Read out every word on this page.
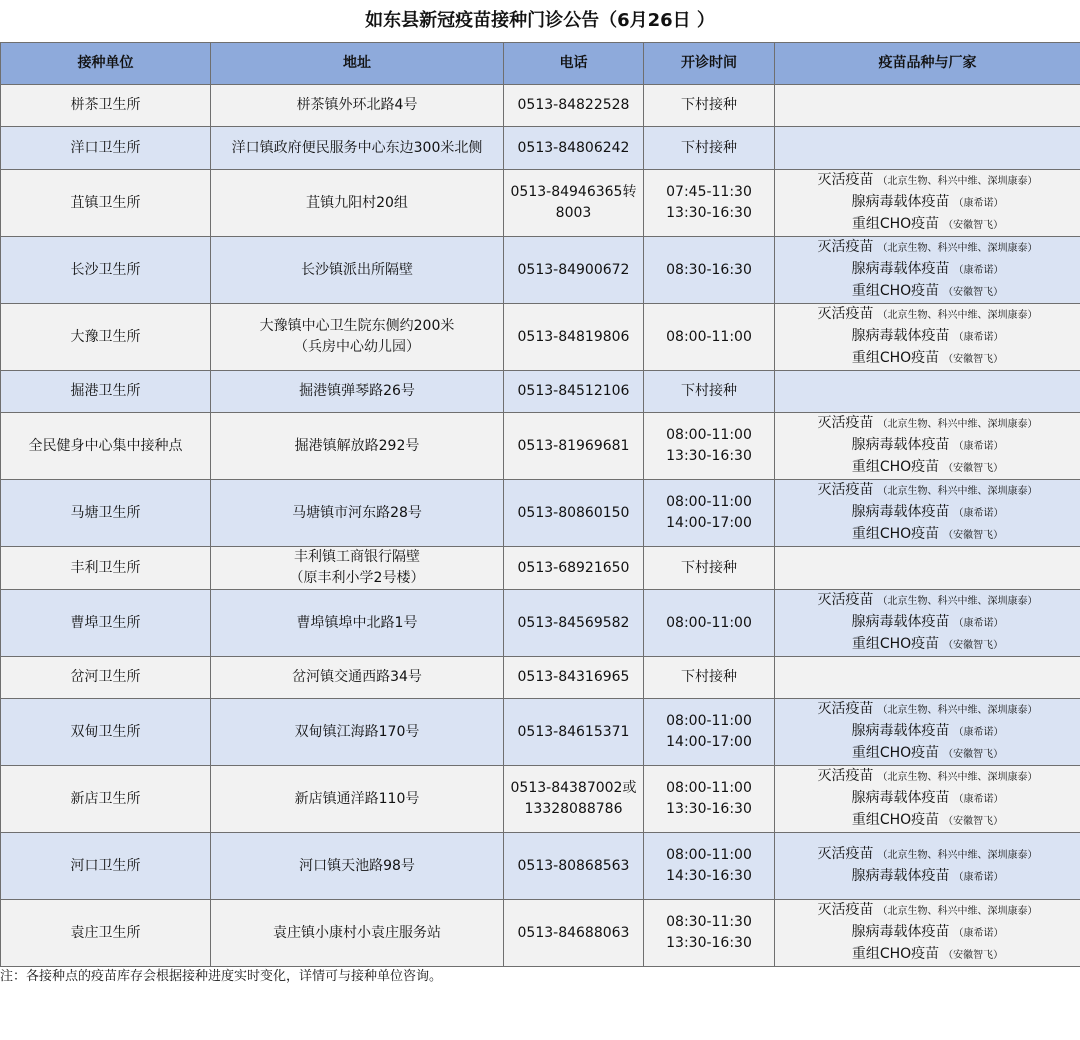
如东县新冠疫苗接种门诊公告（6月26日 ）
接种单位	地址	电话	开诊时间	疫苗品种与厂家
栟茶卫生所	栟茶镇外环北路4号	0513-84822528	下村接种	

洋口卫生所	洋口镇政府便民服务中心东边300米北侧	0513-84806242	下村接种	

苴镇卫生所	苴镇九阳村20组	0513-84946365转
8003	07:45-11:30
13:30-16:30	灭活疫苗 （北京生物、科兴中维、深圳康泰）
腺病毒载体疫苗 （康希诺）
重组CHO疫苗 （安徽智飞）

长沙卫生所	长沙镇派出所隔壁	0513-84900672	08:30-16:30	灭活疫苗 （北京生物、科兴中维、深圳康泰）
腺病毒载体疫苗 （康希诺）
重组CHO疫苗 （安徽智飞）

大豫卫生所	大豫镇中心卫生院东侧约200米
（兵房中心幼儿园）	0513-84819806	08:00-11:00	灭活疫苗 （北京生物、科兴中维、深圳康泰）
腺病毒载体疫苗 （康希诺）
重组CHO疫苗 （安徽智飞）

掘港卫生所	掘港镇弹琴路26号	0513-84512106	下村接种	

全民健身中心集中接种点	掘港镇解放路292号	0513-81969681	08:00-11:00
13:30-16:30	灭活疫苗 （北京生物、科兴中维、深圳康泰）
腺病毒载体疫苗 （康希诺）
重组CHO疫苗 （安徽智飞）

马塘卫生所	马塘镇市河东路28号	0513-80860150	08:00-11:00
14:00-17:00	灭活疫苗 （北京生物、科兴中维、深圳康泰）
腺病毒载体疫苗 （康希诺）
重组CHO疫苗 （安徽智飞）

丰利卫生所	丰利镇工商银行隔壁
（原丰利小学2号楼）	0513-68921650	下村接种	

曹埠卫生所	曹埠镇埠中北路1号	0513-84569582	08:00-11:00	灭活疫苗 （北京生物、科兴中维、深圳康泰）
腺病毒载体疫苗 （康希诺）
重组CHO疫苗 （安徽智飞）

岔河卫生所	岔河镇交通西路34号	0513-84316965	下村接种	

双甸卫生所	双甸镇江海路170号	0513-84615371	08:00-11:00
14:00-17:00	灭活疫苗 （北京生物、科兴中维、深圳康泰）
腺病毒载体疫苗 （康希诺）
重组CHO疫苗 （安徽智飞）

新店卫生所	新店镇通洋路110号	0513-84387002或
13328088786	08:00-11:00
13:30-16:30	灭活疫苗 （北京生物、科兴中维、深圳康泰）
腺病毒载体疫苗 （康希诺）
重组CHO疫苗 （安徽智飞）

河口卫生所	河口镇天池路98号	0513-80868563	08:00-11:00
14:30-16:30	灭活疫苗 （北京生物、科兴中维、深圳康泰）
腺病毒载体疫苗 （康希诺）

袁庄卫生所	袁庄镇小康村小袁庄服务站	0513-84688063	08:30-11:30
13:30-16:30	灭活疫苗 （北京生物、科兴中维、深圳康泰）
腺病毒载体疫苗 （康希诺）
重组CHO疫苗 （安徽智飞）
注：各接种点的疫苗库存会根据接种进度实时变化，详情可与接种单位咨询。
